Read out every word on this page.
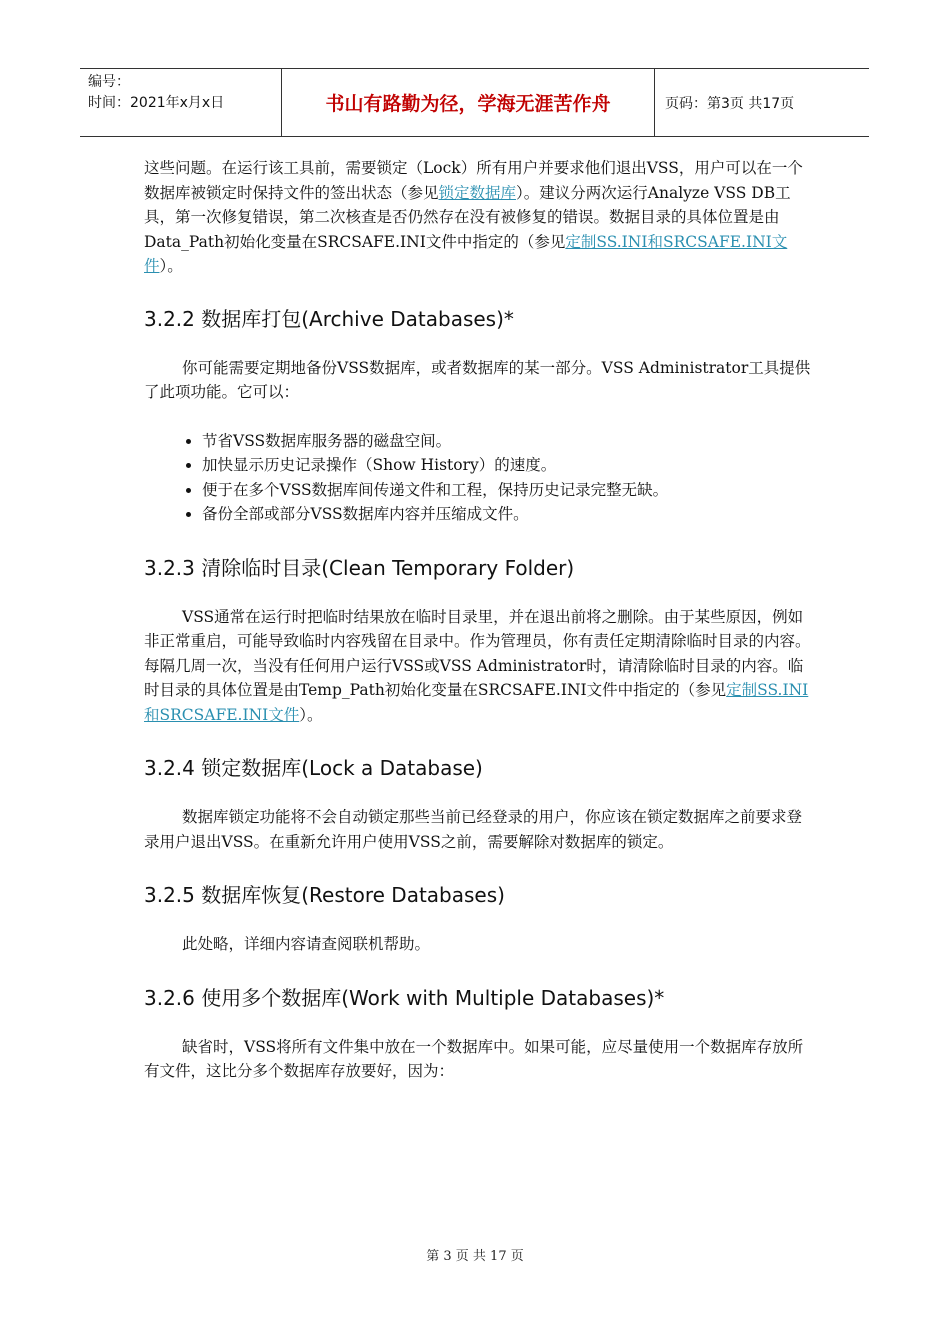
编号：
时间：2021年x月x日	书山有路勤为径，学海无涯苦作舟	页码：第3页 共17页

这些问题。在运行该工具前，需要锁定（Lock）所有用户并要求他们退出VSS，用户可以在一个数据库被锁定时保持文件的签出状态（参见锁定数据库）。建议分两次运行Analyze VSS DB工具，第一次修复错误，第二次核查是否仍然存在没有被修复的错误。数据目录的具体位置是由Data_Path初始化变量在SRCSAFE.INI文件中指定的（参见定制SS.INI和SRCSAFE.INI文件）。

3.2.2 数据库打包(Archive Databases)*

你可能需要定期地备份VSS数据库，或者数据库的某一部分。VSS Administrator工具提供了此项功能。它可以：

• 节省VSS数据库服务器的磁盘空间。
• 加快显示历史记录操作（Show History）的速度。
• 便于在多个VSS数据库间传递文件和工程，保持历史记录完整无缺。
• 备份全部或部分VSS数据库内容并压缩成文件。
3.2.3 清除临时目录(Clean Temporary Folder)

VSS通常在运行时把临时结果放在临时目录里，并在退出前将之删除。由于某些原因，例如非正常重启，可能导致临时内容残留在目录中。作为管理员，你有责任定期清除临时目录的内容。每隔几周一次，当没有任何用户运行VSS或VSS Administrator时，请清除临时目录的内容。临时目录的具体位置是由Temp_Path初始化变量在SRCSAFE.INI文件中指定的（参见定制SS.INI和SRCSAFE.INI文件）。

3.2.4 锁定数据库(Lock a Database)

数据库锁定功能将不会自动锁定那些当前已经登录的用户，你应该在锁定数据库之前要求登录用户退出VSS。在重新允许用户使用VSS之前，需要解除对数据库的锁定。

3.2.5 数据库恢复(Restore Databases)

此处略，详细内容请查阅联机帮助。

3.2.6 使用多个数据库(Work with Multiple Databases)*

缺省时，VSS将所有文件集中放在一个数据库中。如果可能，应尽量使用一个数据库存放所有文件，这比分多个数据库存放要好，因为：

第 3 页 共 17 页
